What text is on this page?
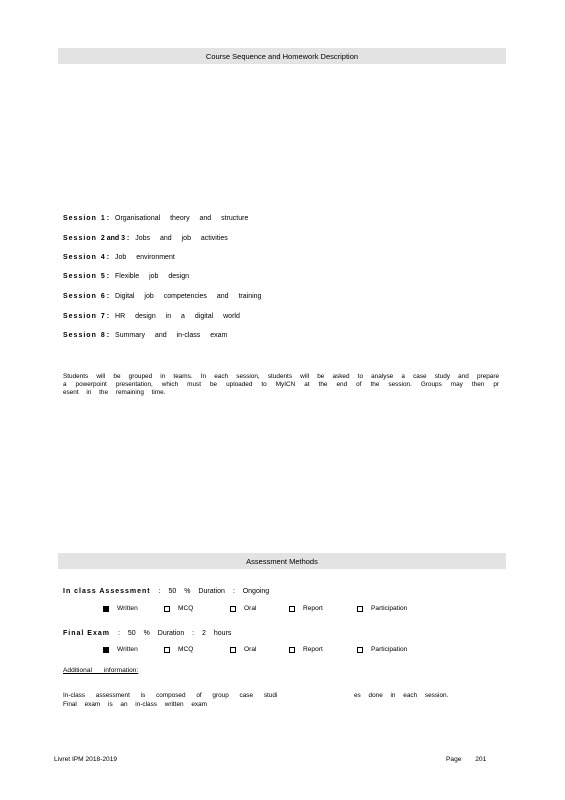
Course Sequence and Homework Description
Session 1 : Organisational theory and structure
Session 2 and 3 : Jobs and job activities
Session 4 : Job environment
Session 5 : Flexible job design
Session 6 : Digital job competencies and training
Session 7 : HR design in a digital world
Session 8 : Summary and in-class exam
Students will be grouped in teams. In each session, students will be asked to analyse a case study and prepare a powerpoint presentation, which must be uploaded to MyICN at the end of the session. Groups may then pr esent in the remaining time.
Assessment Methods
In class Assessment : 50 % Duration : Ongoing
Written	MCQ	Oral	Report	Participation
Final Exam : 50 % Duration : 2 hours
Written	MCQ	Oral	Report	Participation
Additional information:
In-class assessment is composed of group case studi	es done in each session.
Final exam is an in-class written exam
Livret IPM 2018-2019	Page 201
